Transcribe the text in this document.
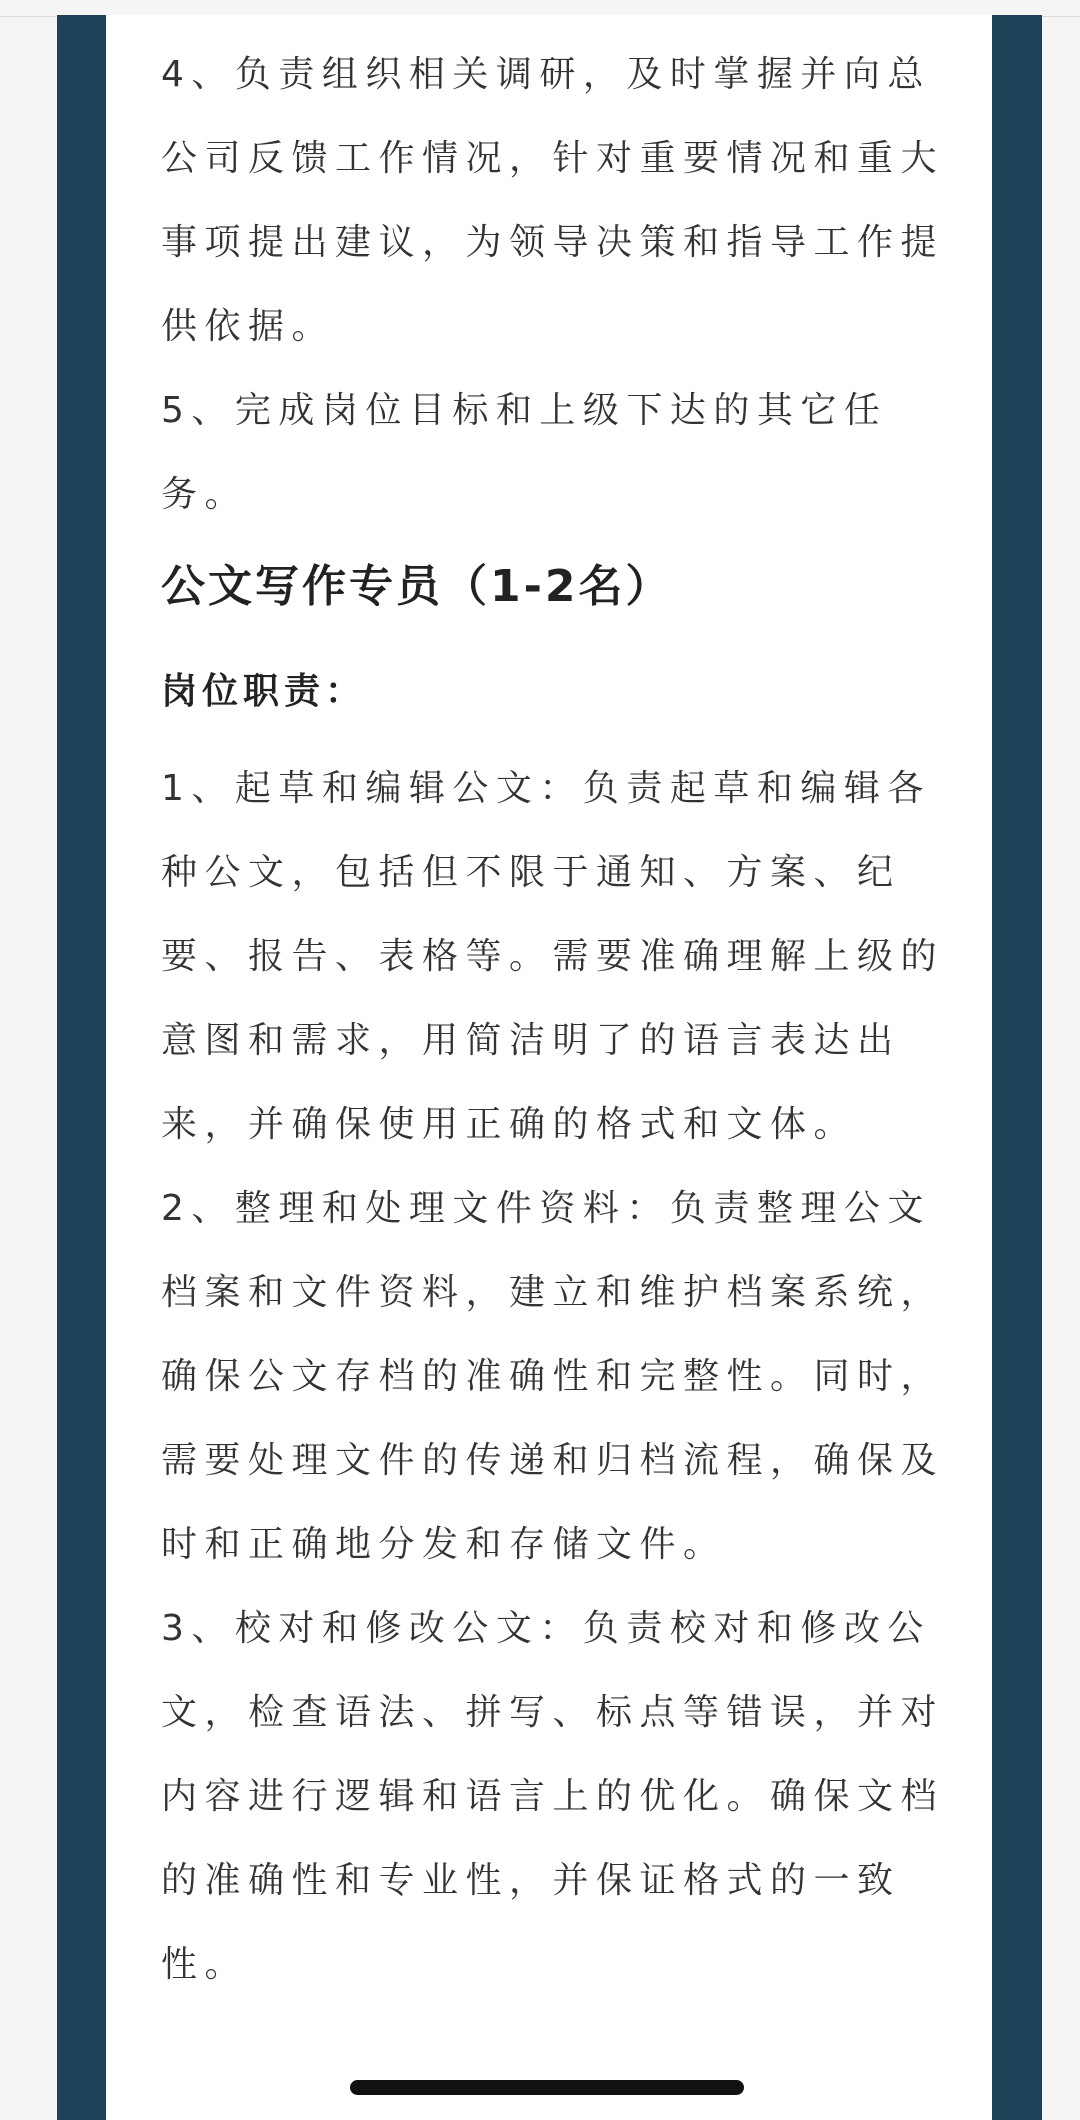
4、负责组织相关调研，及时掌握并向总公司反馈工作情况，针对重要情况和重大事项提出建议，为领导决策和指导工作提供依据。

5、完成岗位目标和上级下达的其它任务。

公文写作专员（1-2名）
岗位职责：

1、起草和编辑公文：负责起草和编辑各种公文，包括但不限于通知、方案、纪要、报告、表格等。需要准确理解上级的意图和需求，用简洁明了的语言表达出来，并确保使用正确的格式和文体。

2、整理和处理文件资料：负责整理公文档案和文件资料，建立和维护档案系统，确保公文存档的准确性和完整性。同时，需要处理文件的传递和归档流程，确保及时和正确地分发和存储文件。

3、校对和修改公文：负责校对和修改公文，检查语法、拼写、标点等错误，并对内容进行逻辑和语言上的优化。确保文档的准确性和专业性，并保证格式的一致性。
